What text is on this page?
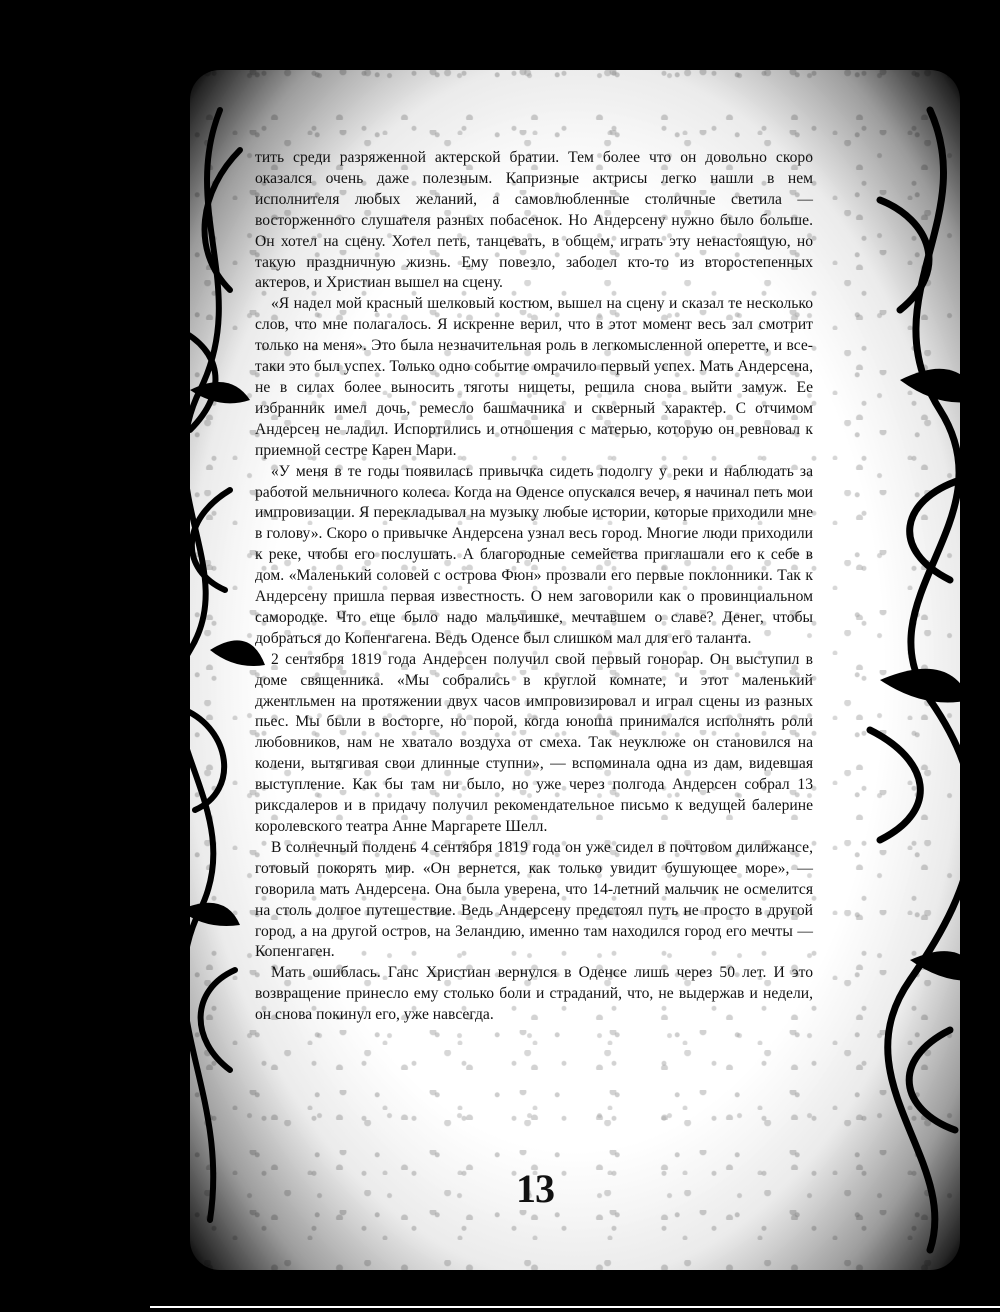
тить среди разряженной актерской братии. Тем более что он довольно скоро оказался очень даже полезным. Капризные актрисы легко нашли в нем исполнителя любых желаний, а самовлюбленные столичные светила — восторженного слушателя разных побасенок. Но Андерсену нужно было больше. Он хотел на сцену. Хотел петь, танцевать, в общем, играть эту ненастоящую, но такую праздничную жизнь. Ему повезло, заболел кто-то из второстепенных актеров, и Христиан вышел на сцену.

«Я надел мой красный шелковый костюм, вышел на сцену и сказал те несколько слов, что мне полагалось. Я искренне верил, что в этот момент весь зал смотрит только на меня». Это была незначительная роль в легкомысленной оперетте, и все-таки это был успех. Только одно событие омрачило первый успех. Мать Андерсена, не в силах более выносить тяготы нищеты, решила снова выйти замуж. Ее избранник имел дочь, ремесло башмачника и скверный характер. С отчимом Андерсен не ладил. Испортились и отношения с матерью, которую он ревновал к приемной сестре Карен Мари.

«У меня в те годы появилась привычка сидеть подолгу у реки и наблюдать за работой мельничного колеса. Когда на Оденсе опускался вечер, я начинал петь мои импровизации. Я перекладывал на музыку любые истории, которые приходили мне в голову». Скоро о привычке Андерсена узнал весь город. Многие люди приходили к реке, чтобы его послушать. А благородные семейства приглашали его к себе в дом. «Маленький соловей с острова Фюн» прозвали его первые поклонники. Так к Андерсену пришла первая известность. О нем заговорили как о провинциальном самородке. Что еще было надо мальчишке, мечтавшем о славе? Денег, чтобы добраться до Копенгагена. Ведь Оденсе был слишком мал для его таланта.

2 сентября 1819 года Андерсен получил свой первый гонорар. Он выступил в доме священника. «Мы собрались в круглой комнате, и этот маленький джентльмен на протяжении двух часов импровизировал и играл сцены из разных пьес. Мы были в восторге, но порой, когда юноша принимался исполнять роли любовников, нам не хватало воздуха от смеха. Так неуклюже он становился на колени, вытягивая свои длинные ступни», — вспоминала одна из дам, видевшая выступление. Как бы там ни было, но уже через полгода Андерсен собрал 13 риксдалеров и в придачу получил рекомендательное письмо к ведущей балерине королевского театра Анне Маргарете Шелл.

В солнечный полдень 4 сентября 1819 года он уже сидел в почтовом дилижансе, готовый покорять мир. «Он вернется, как только увидит бушующее море», — говорила мать Андерсена. Она была уверена, что 14-летний мальчик не осмелится на столь долгое путешествие. Ведь Андерсену предстоял путь не просто в другой город, а на другой остров, на Зеландию, именно там находился город его мечты — Копенгаген.

Мать ошиблась. Ганс Христиан вернулся в Оденсе лишь через 50 лет. И это возвращение принесло ему столько боли и страданий, что, не выдержав и недели, он снова покинул его, уже навсегда.

13
